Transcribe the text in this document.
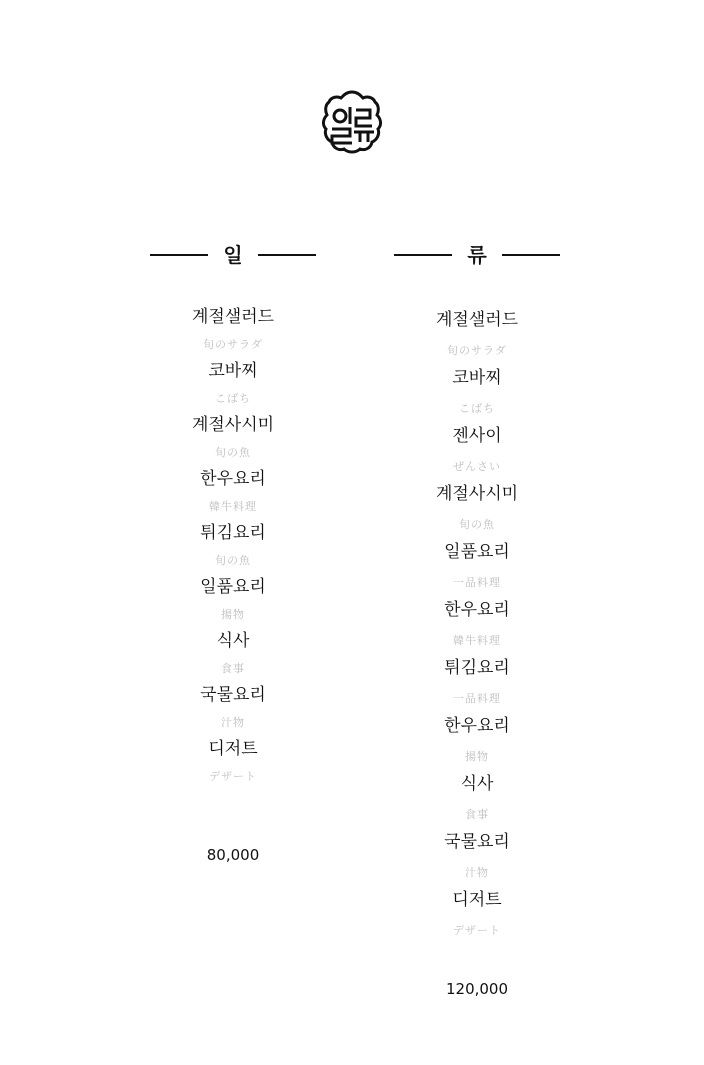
일
계절샐러드
旬のサラダ
코바찌
こばち
계절사시미
旬の魚
한우요리
韓牛料理
튀김요리
旬の魚
일품요리
揚物
식사
食事
국물요리
汁物
디저트
デザート
80,000
류
계절샐러드
旬のサラダ
코바찌
こばち
젠사이
ぜんさい
계절사시미
旬の魚
일품요리
一品料理
한우요리
韓牛料理
튀김요리
一品料理
한우요리
揚物
식사
食事
국물요리
汁物
디저트
デザート
120,000
